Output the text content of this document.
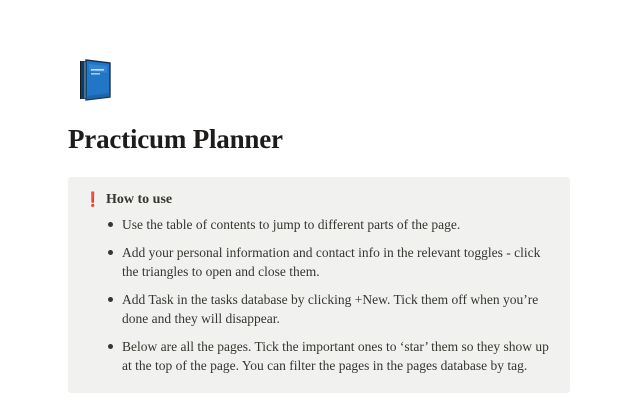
Practicum Planner
❗ How to use
Use the table of contents to jump to different parts of the page.
Add your personal information and contact info in the relevant toggles - click the triangles to open and close them.
Add Task in the tasks database by clicking +New. Tick them off when you’re done and they will disappear.
Below are all the pages. Tick the important ones to ‘star’ them so they show up at the top of the page. You can filter the pages in the pages database by tag.
